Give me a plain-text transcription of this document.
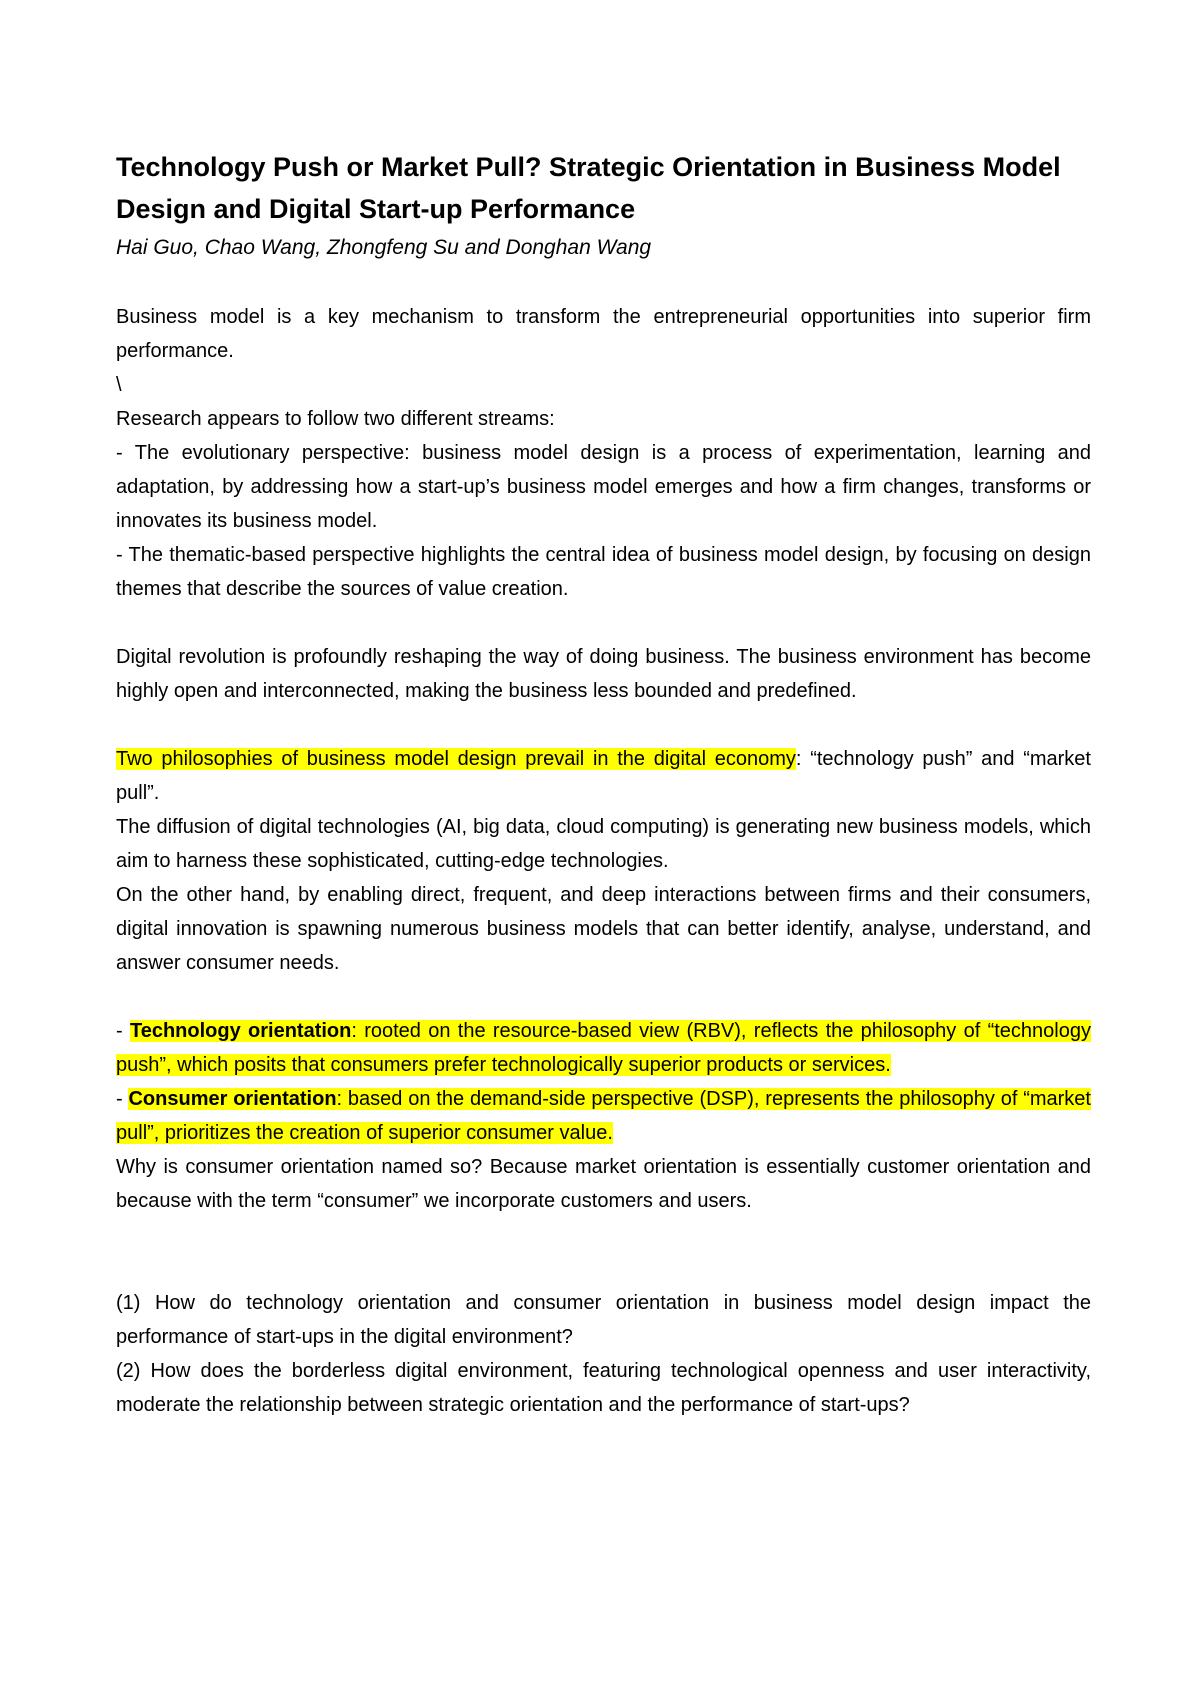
Technology Push or Market Pull? Strategic Orientation in Business Model Design and Digital Start-up Performance
Hai Guo, Chao Wang, Zhongfeng Su and Donghan Wang

Business model is a key mechanism to transform the entrepreneurial opportunities into superior firm performance.

\

Research appears to follow two different streams:

- The evolutionary perspective: business model design is a process of experimentation, learning and adaptation, by addressing how a start-up’s business model emerges and how a firm changes, transforms or innovates its business model.

- The thematic-based perspective highlights the central idea of business model design, by focusing on design themes that describe the sources of value creation.

Digital revolution is profoundly reshaping the way of doing business. The business environment has become highly open and interconnected, making the business less bounded and predefined.

Two philosophies of business model design prevail in the digital economy: “technology push” and “market pull”.

The diffusion of digital technologies (AI, big data, cloud computing) is generating new business models, which aim to harness these sophisticated, cutting-edge technologies.

On the other hand, by enabling direct, frequent, and deep interactions between firms and their consumers, digital innovation is spawning numerous business models that can better identify, analyse, understand, and answer consumer needs.

- Technology orientation: rooted on the resource-based view (RBV), reflects the philosophy of “technology push”, which posits that consumers prefer technologically superior products or services.

- Consumer orientation: based on the demand-side perspective (DSP), represents the philosophy of “market pull”, prioritizes the creation of superior consumer value.

Why is consumer orientation named so? Because market orientation is essentially customer orientation and because with the term “consumer” we incorporate customers and users.

(1) How do technology orientation and consumer orientation in business model design impact the performance of start-ups in the digital environment?

(2) How does the borderless digital environment, featuring technological openness and user interactivity, moderate the relationship between strategic orientation and the performance of start-ups?
